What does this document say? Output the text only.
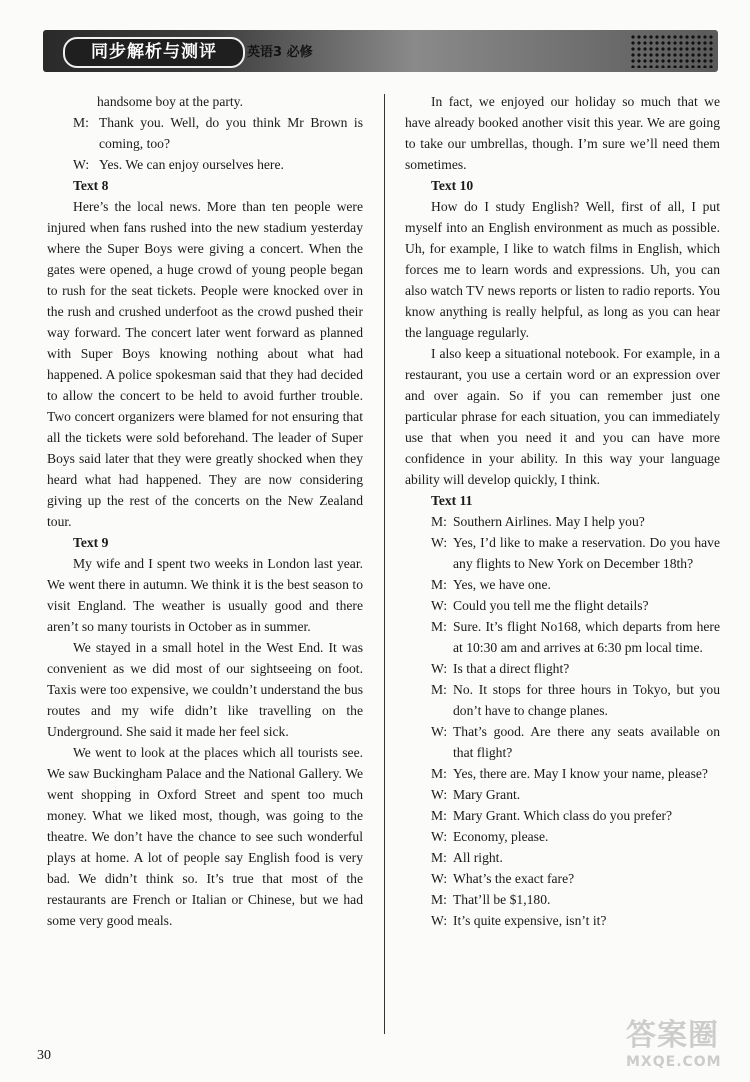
同步解析与测评	英语3 必修

handsome boy at the party.

M: Thank you. Well, do you think Mr Brown is coming, too?
W: Yes. We can enjoy ourselves here.
Text 8

Here’s the local news. More than ten people were injured when fans rushed into the new stadium yesterday where the Super Boys were giving a concert. When the gates were opened, a huge crowd of young people began to rush for the seat tickets. People were knocked over in the rush and crushed underfoot as the crowd pushed their way forward. The concert later went forward as planned with Super Boys knowing nothing about what had happened. A police spokesman said that they had decided to allow the concert to be held to avoid further trouble. Two concert organizers were blamed for not ensuring that all the tickets were sold beforehand. The leader of Super Boys said later that they were greatly shocked when they heard what had happened. They are now considering giving up the rest of the concerts on the New Zealand tour.

Text 9

My wife and I spent two weeks in London last year. We went there in autumn. We think it is the best season to visit England. The weather is usually good and there aren’t so many tourists in October as in summer.

We stayed in a small hotel in the West End. It was convenient as we did most of our sightseeing on foot. Taxis were too expensive, we couldn’t understand the bus routes and my wife didn’t like travelling on the Underground. She said it made her feel sick.

We went to look at the places which all tourists see. We saw Buckingham Palace and the National Gallery. We went shopping in Oxford Street and spent too much money. What we liked most, though, was going to the theatre. We don’t have the chance to see such wonderful plays at home. A lot of people say English food is very bad. We didn’t think so. It’s true that most of the restaurants are French or Italian or Chinese, but we had some very good meals.

In fact, we enjoyed our holiday so much that we have already booked another visit this year. We are going to take our umbrellas, though. I’m sure we’ll need them sometimes.

Text 10

How do I study English? Well, first of all, I put myself into an English environment as much as possible. Uh, for example, I like to watch films in English, which forces me to learn words and expressions. Uh, you can also watch TV news reports or listen to radio reports. You know anything is really helpful, as long as you can hear the language regularly.

I also keep a situational notebook. For example, in a restaurant, you use a certain word or an expression over and over again. So if you can remember just one particular phrase for each situation, you can immediately use that when you need it and you can have more confidence in your ability. In this way your language ability will develop quickly, I think.

Text 11
M: Southern Airlines. May I help you?
W: Yes, I’d like to make a reservation. Do you have any flights to New York on December 18th?
M: Yes, we have one.
W: Could you tell me the flight details?
M: Sure. It’s flight No168, which departs from here at 10:30 am and arrives at 6:30 pm local time.
W: Is that a direct flight?
M: No. It stops for three hours in Tokyo, but you don’t have to change planes.
W: That’s good. Are there any seats available on that flight?
M: Yes, there are. May I know your name, please?
W: Mary Grant.
M: Mary Grant. Which class do you prefer?
W: Economy, please.
M: All right.
W: What’s the exact fare?
M: That’ll be $1,180.
W: It’s quite expensive, isn’t it?
30
答案圈
MXQE.COM
